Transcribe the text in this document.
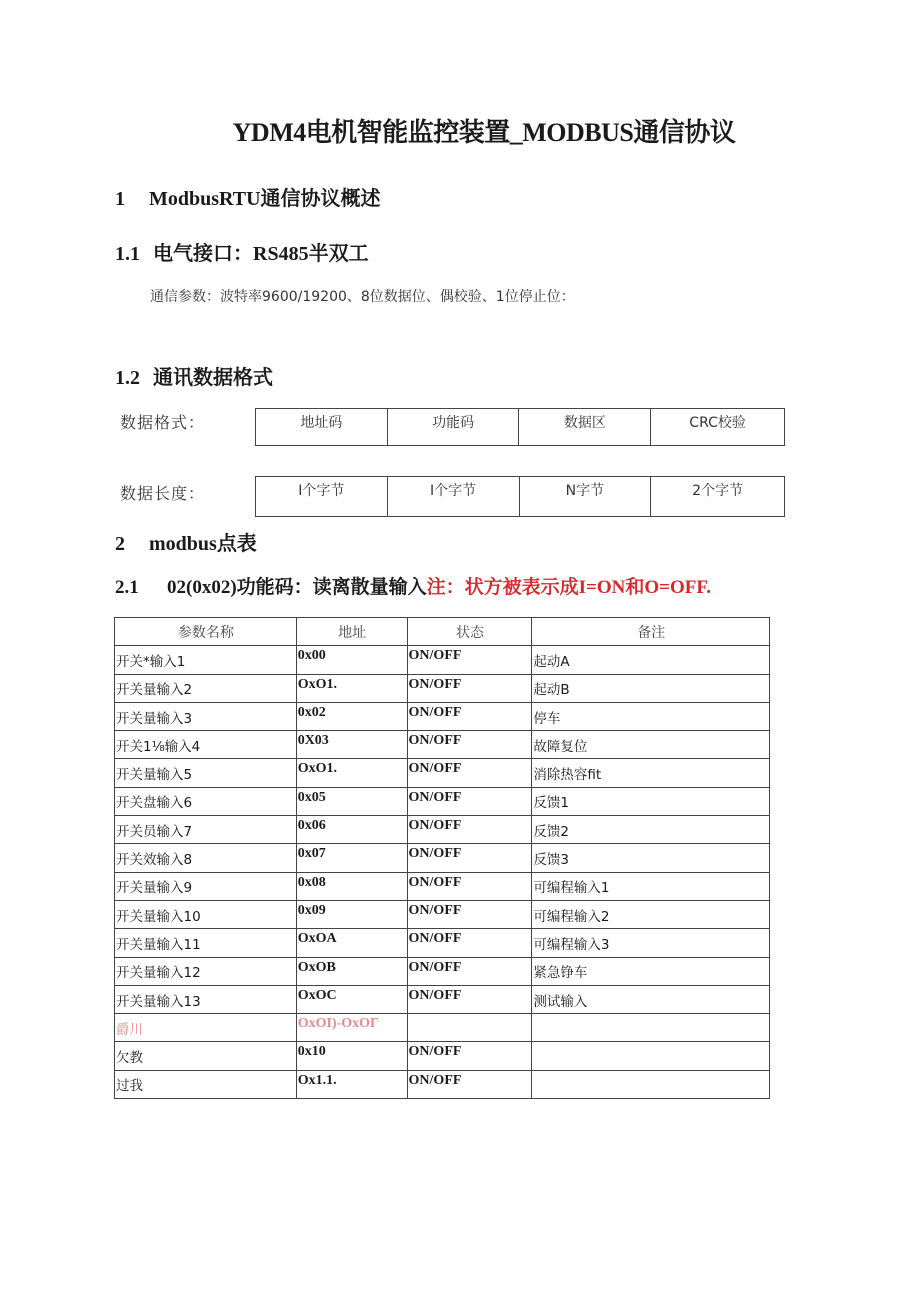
YDM4电机智能监控装置_MODBUS通信协议
1 ModbusRTU通信协议概述
1.1 电气接口：RS485半双工
通信参数：波特率9600/19200、8位数据位、偶校验、1位停止位：
1.2 通讯数据格式
数据格式：	地址码	功能码	数据区	CRC校验
数据长度：	I个字节	I个字节	N字节	2个字节
2 modbus点表
2.1 02(0x02)功能码：读离散量输入注：状方被表示成I=ON和O=OFF.
参数名称	地址	状态	备注
开关*输入1	0x00	ON/OFF	起动A
开关量输入2	OxO1.	ON/OFF	起动B
开关量输入3	0x02	ON/OFF	停车
开关1⅛输入4	0X03	ON/OFF	故障复位
开关量输入5	OxO1.	ON/OFF	消除热容fit
开关盘输入6	0x05	ON/OFF	反馈1
开关员输入7	0x06	ON/OFF	反馈2
开关效输入8	0x07	ON/OFF	反馈3
开关量输入9	0x08	ON/OFF	可编程输入1
开关量输入10	0x09	ON/OFF	可编程输入2
开关量输入11	OxOA	ON/OFF	可编程输入3
开关量输入12	OxOB	ON/OFF	紧急铮车
开关量输入13	OxOC	ON/OFF	测试输入
爵川	OxOI)-OxOΓ		
欠教	0x10	ON/OFF	
过我	Ox1.1.	ON/OFF	
